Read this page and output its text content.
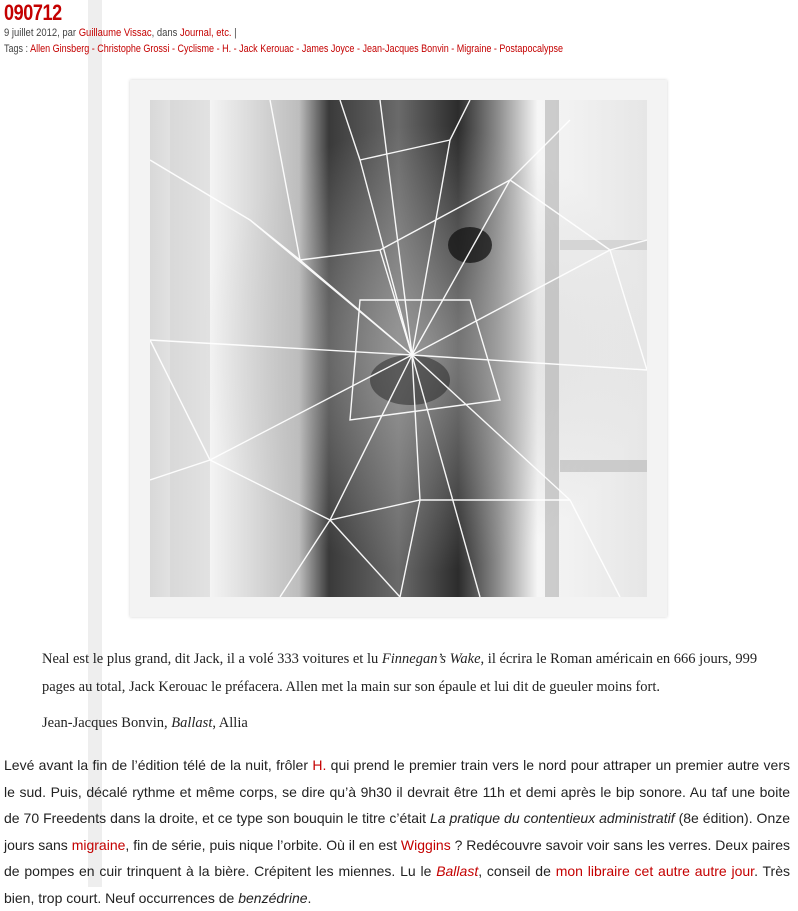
090712
9 juillet 2012, par Guillaume Vissac, dans Journal, etc. |
Tags : Allen Ginsberg - Christophe Grossi - Cyclisme - H. - Jack Kerouac - James Joyce - Jean-Jacques Bonvin - Migraine - Postapocalypse

Neal est le plus grand, dit Jack, il a volé 333 voitures et lu Finnegan’s Wake, il écrira le Roman américain en 666 jours, 999 pages au total, Jack Kerouac le préfacera. Allen met la main sur son épaule et lui dit de gueuler moins fort.

Jean-Jacques Bonvin, Ballast, Allia

Levé avant la fin de l’édition télé de la nuit, frôler H. qui prend le premier train vers le nord pour attraper un premier autre vers le sud. Puis, décalé rythme et même corps, se dire qu’à 9h30 il devrait être 11h et demi après le bip sonore. Au taf une boite de 70 Freedents dans la droite, et ce type son bouquin le titre c’était La pratique du contentieux administratif (8e édition). Onze jours sans migraine, fin de série, puis nique l’orbite. Où il en est Wiggins ? Redécouvre savoir voir sans les verres. Deux paires de pompes en cuir trinquent à la bière. Crépitent les miennes. Lu le Ballast, conseil de mon libraire cet autre autre jour. Très bien, trop court. Neuf occurrences de benzédrine.
